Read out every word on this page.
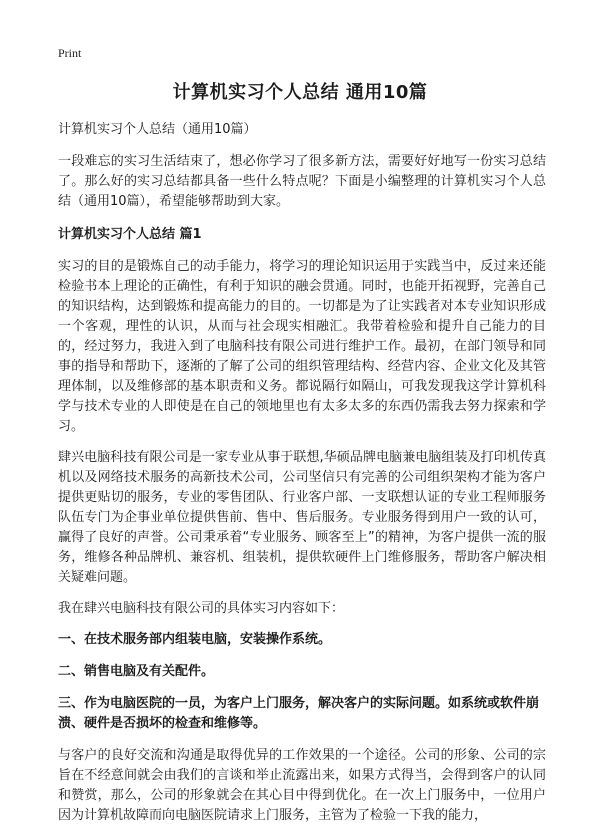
Print
计算机实习个人总结 通用10篇

计算机实习个人总结（通用10篇）

一段难忘的实习生活结束了，想必你学习了很多新方法，需要好好地写一份实习总结了。那么好的实习总结都具备一些什么特点呢？下面是小编整理的计算机实习个人总结（通用10篇），希望能够帮助到大家。

计算机实习个人总结 篇1

实习的目的是锻炼自己的动手能力，将学习的理论知识运用于实践当中，反过来还能检验书本上理论的正确性，有利于知识的融会贯通。同时，也能开拓视野，完善自己的知识结构，达到锻炼和提高能力的目的。一切都是为了让实践者对本专业知识形成一个客观，理性的认识，从而与社会现实相融汇。我带着检验和提升自己能力的目的，经过努力，我进入到了电脑科技有限公司进行维护工作。最初，在部门领导和同事的指导和帮助下，逐渐的了解了公司的组织管理结构、经营内容、企业文化及其管理体制，以及维修部的基本职责和义务。都说隔行如隔山，可我发现我这学计算机科学与技术专业的人即使是在自己的领地里也有太多太多的东西仍需我去努力探索和学习。

肆兴电脑科技有限公司是一家专业从事于联想,华硕品牌电脑兼电脑组装及打印机传真机以及网络技术服务的高新技术公司，公司坚信只有完善的公司组织架构才能为客户提供更贴切的服务，专业的零售团队、行业客户部、一支联想认证的专业工程师服务队伍专门为企事业单位提供售前、售中、售后服务。专业服务得到用户一致的认可，赢得了良好的声誉。公司秉承着“专业服务、顾客至上”的精神，为客户提供一流的服务，维修各种品牌机、兼容机、组装机，提供软硬件上门维修服务，帮助客户解决相关疑难问题。

我在肆兴电脑科技有限公司的具体实习内容如下：

一、在技术服务部内组装电脑，安装操作系统。
二、销售电脑及有关配件。
三、作为电脑医院的一员，为客户上门服务，解决客户的实际问题。如系统或软件崩溃、硬件是否损坏的检查和维修等。

与客户的良好交流和沟通是取得优异的工作效果的一个途径。公司的形象、公司的宗旨在不经意间就会由我们的言谈和举止流露出来，如果方式得当，会得到客户的认同和赞赏，那么，公司的形象就会在其心目中得到优化。在一次上门服务中，一位用户因为计算机故障而向电脑医院请求上门服务，主管为了检验一下我的能力，
